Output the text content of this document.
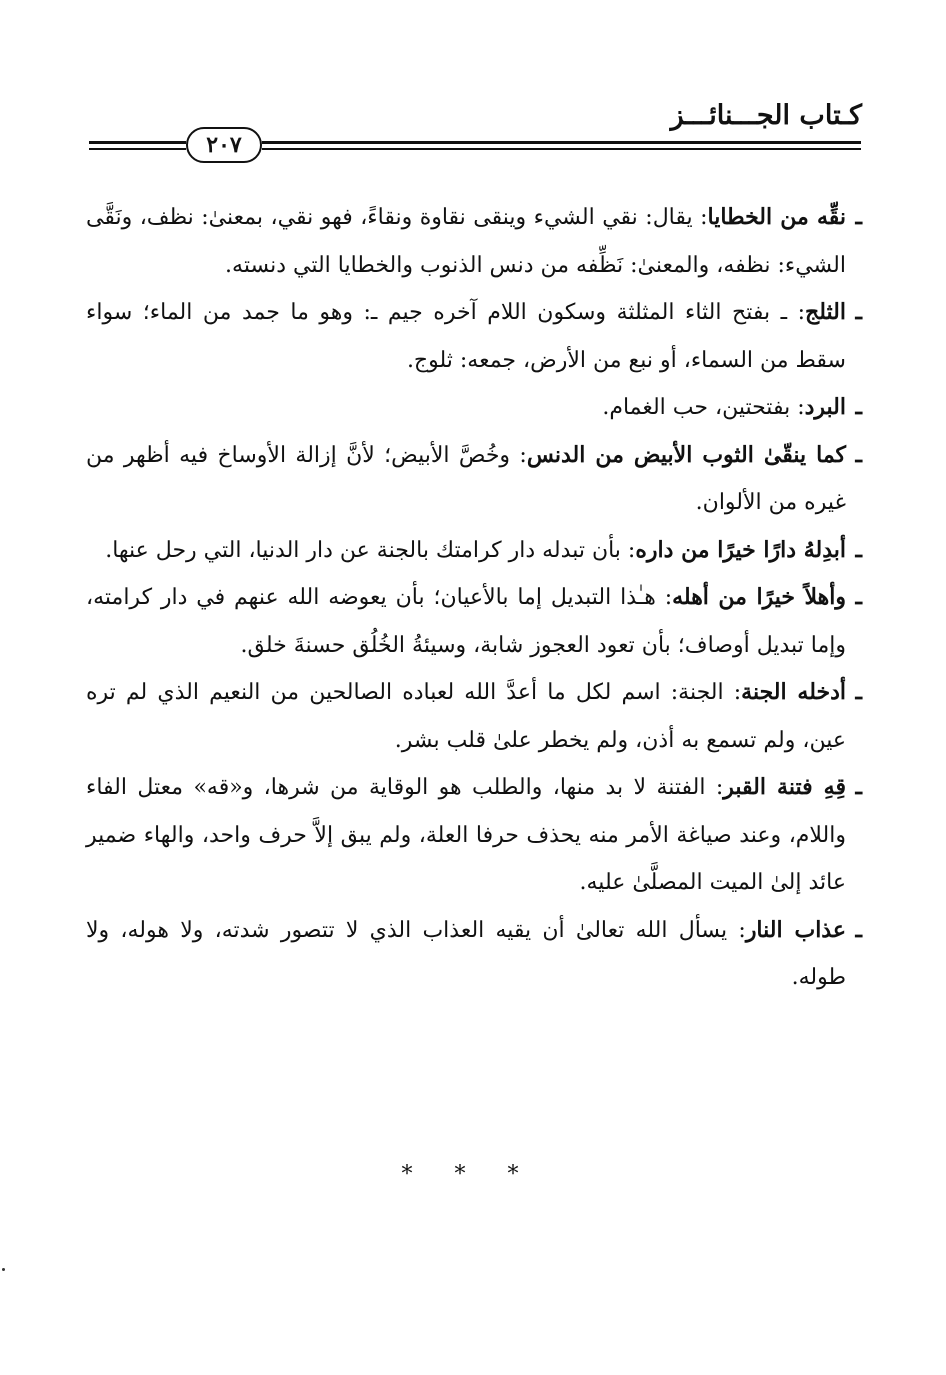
كـتاب الجـــنائـــز
٢٠٧

ـ
نقِّه من الخطايا: يقال: نقي الشيء وينقى نقاوة ونقاءً، فهو نقي، بمعنىٰ: نظف، ونَقَّى الشيء: نظفه، والمعنىٰ: نَظِّفه من دنس الذنوب والخطايا التي دنسته.

ـ
الثلج: ـ بفتح الثاء المثلثة وسكون اللام آخره جيم ـ: وهو ما جمد من الماء؛ سواء سقط من السماء، أو نبع من الأرض، جمعه: ثلوج.

ـ
البرد: بفتحتين، حب الغمام.

ـ
كما ينقّىٰ الثوب الأبيض من الدنس: وخُصَّ الأبيض؛ لأنَّ إزالة الأوساخ فيه أظهر من غيره من الألوان.

ـ
أبدِلهُ دارًا خيرًا من داره: بأن تبدله دار كرامتك بالجنة عن دار الدنيا، التي رحل عنها.

ـ
وأهلاً خيرًا من أهله: هـٰذا التبديل إما بالأعيان؛ بأن يعوضه الله عنهم في دار كرامته، وإما تبديل أوصاف؛ بأن تعود العجوز شابة، وسيئةُ الخُلُق حسنةَ خلق.

ـ
أدخله الجنة: الجنة: اسم لكل ما أعدَّ الله لعباده الصالحين من النعيم الذي لم تره عين، ولم تسمع به أذن، ولم يخطر علىٰ قلب بشر.

ـ
قِهِ فتنة القبر: الفتنة لا بد منها، والطلب هو الوقاية من شرها، و«قه» معتل الفاء واللام، وعند صياغة الأمر منه يحذف حرفا العلة، ولم يبق إلاَّ حرف واحد، والهاء ضمير عائد إلىٰ الميت المصلَّىٰ عليه.

ـ
عذاب النار: يسأل الله تعالىٰ أن يقيه العذاب الذي لا تتصور شدته، ولا هوله، ولا طوله.

* * *
